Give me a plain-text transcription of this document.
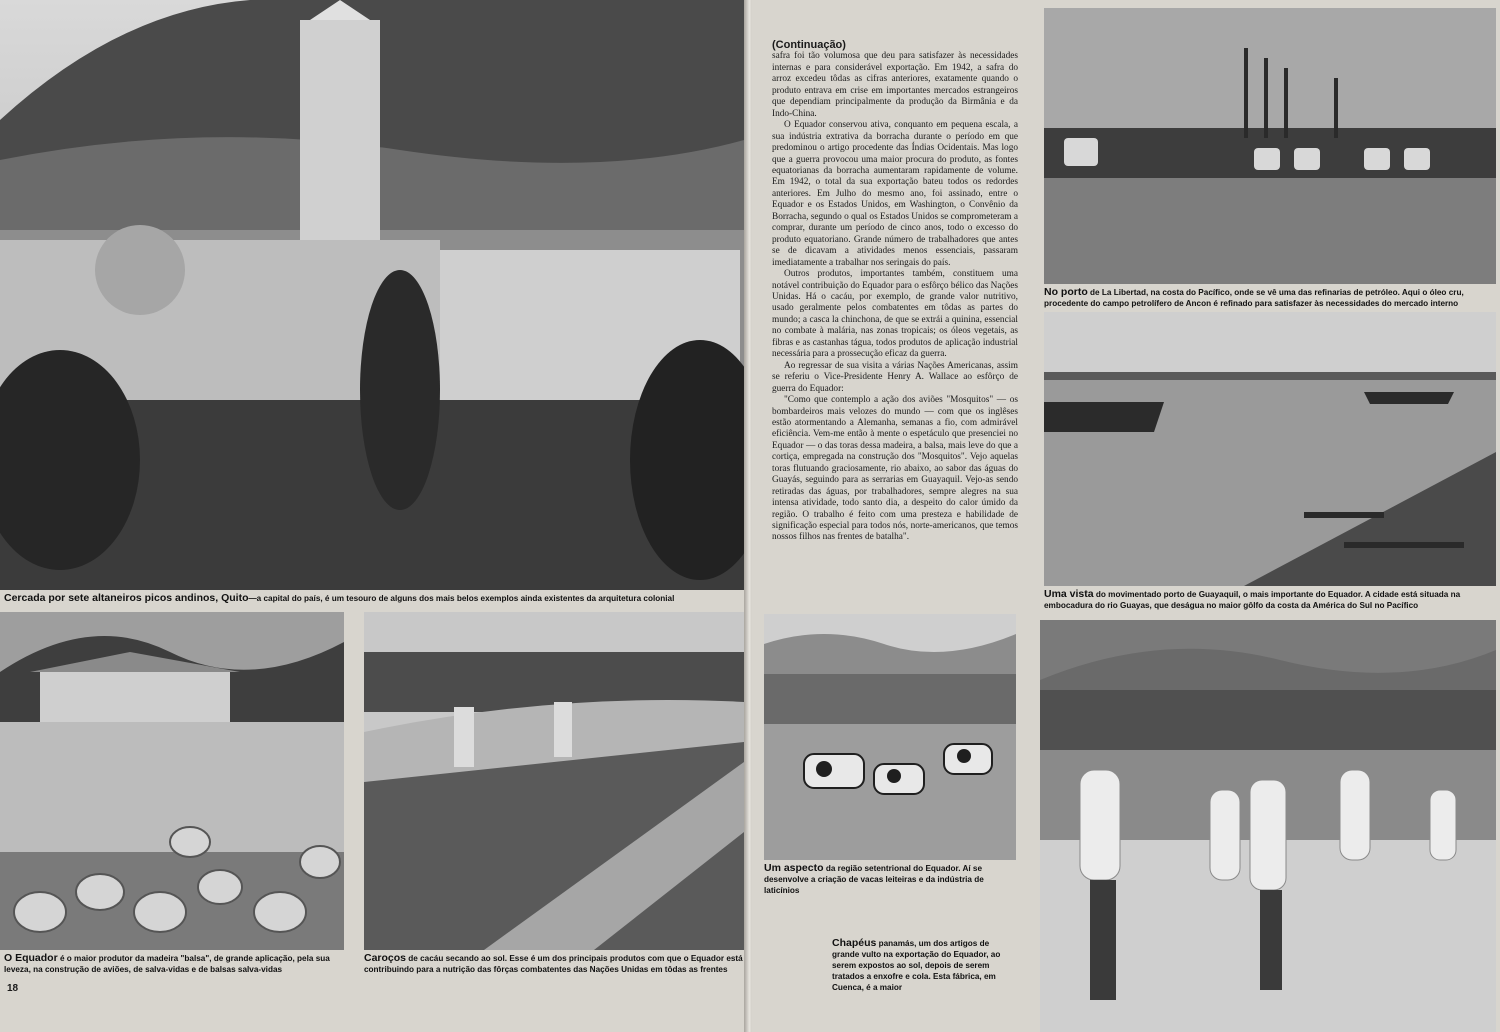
Cercada por sete altaneiros picos andinos, Quito—a capital do país, é um tesouro de alguns dos mais belos exemplos ainda existentes da arquitetura colonial
O Equador é o maior produtor da madeira "balsa", de grande aplicação, pela sua leveza, na construção de aviões, de salva-vidas e de balsas salva-vidas
Caroços de cacáu secando ao sol. Esse é um dos principais produtos com que o Equador está contribuindo para a nutrição das fôrças combatentes das Nações Unidas em tôdas as frentes
18
(Continuação)

safra foi tão volumosa que deu para satisfazer às necessidades internas e para considerável exportação. Em 1942, a safra do arroz excedeu tôdas as cifras anteriores, exatamente quando o produto entrava em crise em importantes mercados estrangeiros que dependiam principalmente da produção da Birmânia e da Indo-China.

O Equador conservou ativa, conquanto em pequena escala, a sua indústria extrativa da borracha durante o período em que predominou o artigo procedente das Índias Ocidentais. Mas logo que a guerra provocou uma maior procura do produto, as fontes equatorianas da borracha aumentaram rapidamente de volume. Em 1942, o total da sua exportação bateu todos os redordes anteriores. Em Julho do mesmo ano, foi assinado, entre o Equador e os Estados Unidos, em Washington, o Convênio da Borracha, segundo o qual os Estados Unidos se comprometeram a comprar, durante um período de cinco anos, todo o excesso do produto equatoriano. Grande número de trabalhadores que antes se de dicavam a atividades menos essenciais, passaram imediatamente a trabalhar nos seringais do país.

Outros produtos, importantes também, constituem uma notável contribuição do Equador para o esfôrço bélico das Nações Unidas. Há o cacáu, por exemplo, de grande valor nutritivo, usado geralmente pelos combatentes em tôdas as partes do mundo; a casca la chinchona, de que se extrái a quinina, essencial no combate à malária, nas zonas tropicais; os óleos vegetais, as fibras e as castanhas tágua, todos produtos de aplicação industrial necessária para a prossecução eficaz da guerra.

Ao regressar de sua visita a várias Nações Americanas, assim se referiu o Vice-Presidente Henry A. Wallace ao esfôrço de guerra do Equador:

"Como que contemplo a ação dos aviões "Mosquitos" — os bombardeiros mais velozes do mundo — com que os inglêses estão atormentando a Alemanha, semanas a fio, com admirável eficiência. Vem-me então à mente o espetáculo que presenciei no Equador — o das toras dessa madeira, a balsa, mais leve do que a cortiça, empregada na construção dos "Mosquitos". Vejo aquelas toras flutuando graciosamente, rio abaixo, ao sabor das águas do Guayás, seguindo para as serrarias em Guayaquil. Vejo-as sendo retiradas das águas, por trabalhadores, sempre alegres na sua intensa atividade, todo santo dia, a despeito do calor úmido da região. O trabalho é feito com uma presteza e habilidade de significação especial para todos nós, norte-americanos, que temos nossos filhos nas frentes de batalha".

Um aspecto da região setentrional do Equador. Aí se desenvolve a criação de vacas leiteiras e da indústria de laticínios
Chapéus panamás, um dos artigos de grande vulto na exportação do Equador, ao serem expostos ao sol, depois de serem tratados a enxofre e cola. Esta fábrica, em Cuenca, é a maior
No porto de La Libertad, na costa do Pacífico, onde se vê uma das refinarias de petróleo. Aqui o óleo cru, procedente do campo petrolífero de Ancon é refinado para satisfazer às necessidades do mercado interno
Uma vista do movimentado porto de Guayaquil, o mais importante do Equador. A cidade está situada na embocadura do rio Guayas, que deságua no maior gôlfo da costa da América do Sul no Pacífico
